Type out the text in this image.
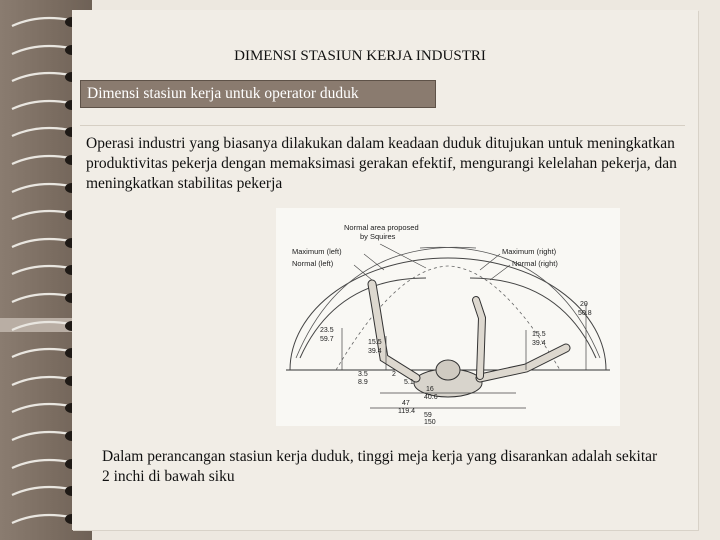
DIMENSI STASIUN KERJA INDUSTRI
Dimensi stasiun kerja untuk operator duduk
Operasi industri yang biasanya dilakukan dalam keadaan duduk ditujukan untuk meningkatkan produktivitas pekerja dengan memaksimasi gerakan efektif, mengurangi kelelahan pekerja, dan meningkatkan stabilitas pekerja
Normal area proposed
by Squires
Maximum (left)
Normal (left)
Maximum (right)
Normal (right)
20
50.8
23.5
59.7	15.5
39.4
15.5
39.4
3.5
8.9
2
5.1
16
40.6
47
119.4
59
150
Dalam perancangan stasiun kerja duduk, tinggi meja kerja yang disarankan adalah sekitar 2 inchi di bawah siku
